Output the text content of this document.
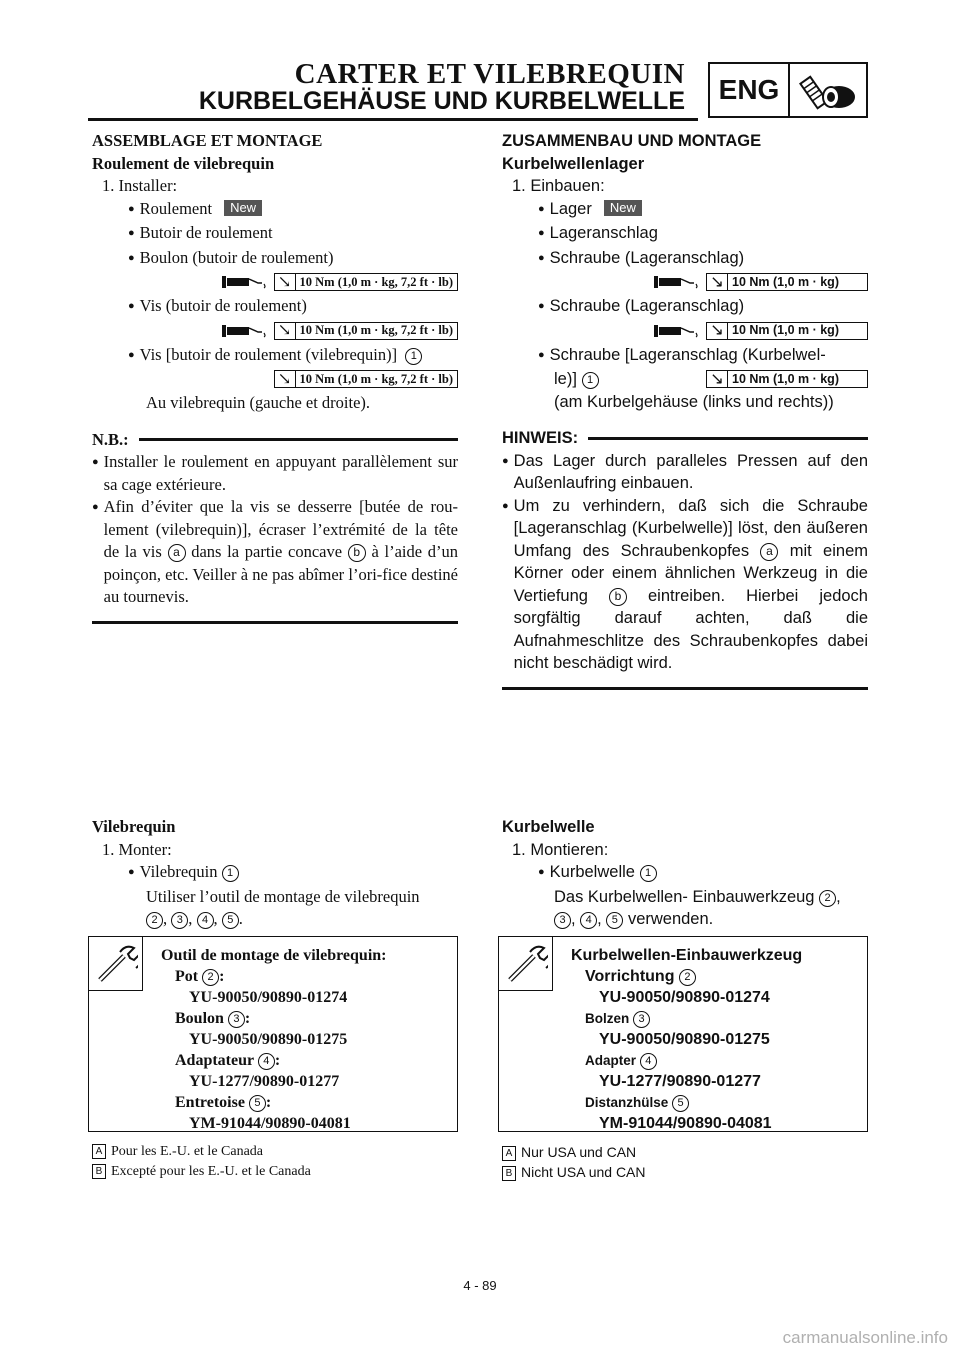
CARTER ET VILEBREQUIN
KURBELGEHÄUSE UND KURBELWELLE	ENG
ASSEMBLAGE ET MONTAGE
Roulement de vilebrequin
1. Installer:
● Roulement New
● Butoir de roulement
● Boulon (butoir de roulement)
↘ 10 Nm (1,0 m · kg, 7,2 ft · lb)
● Vis (butoir de roulement)
↘ 10 Nm (1,0 m · kg, 7,2 ft · lb)
● Vis [butoir de roulement (vilebrequin)] 1
↘ 10 Nm (1,0 m · kg, 7,2 ft · lb)
Au vilebrequin (gauche et droite).
N.B.:
●
Installer le roulement en appuyant parallèlement sur sa cage extérieure.
●
Afin d’éviter que la vis se desserre [butée de rou-lement (vilebrequin)], écraser l’extrémité de la tête de la vis a dans la partie concave b à l’aide d’un poinçon, etc. Veiller à ne pas abîmer l’ori-fice destiné au tournevis.
ZUSAMMENBAU UND MONTAGE
Kurbelwellenlager
1. Einbauen:
● Lager New
● Lageranschlag
● Schraube (Lageranschlag)
↘ 10 Nm (1,0 m · kg)
● Schraube (Lageranschlag)
↘ 10 Nm (1,0 m · kg)
● Schraube [Lageranschlag (Kurbelwel-
le)] 1	↘ 10 Nm (1,0 m · kg)
(am Kurbelgehäuse (links und rechts))
HINWEIS:
●
Das Lager durch paralleles Pressen auf den Außenlaufring einbauen.
●
Um zu verhindern, daß sich die Schraube [Lageranschlag (Kurbelwelle)] löst, den äußeren Umfang des Schraubenkopfes a mit einem Körner oder einem ähnlichen Werkzeug in die Vertiefung b eintreiben. Hierbei jedoch sorgfältig darauf achten, daß die Aufnahmeschlitze des Schraubenkopfes dabei nicht beschädigt wird.
Vilebrequin
1. Monter:
● Vilebrequin 1
Utiliser l’outil de montage de vilebrequin
2 , 3 , 4 , 5 .
Outil de montage de vilebrequin:
Pot 2 :
YU-90050/90890-01274
Boulon 3 :
YU-90050/90890-01275
Adaptateur 4 :
YU-1277/90890-01277
Entretoise 5 :
YM-91044/90890-04081
A Pour les E.-U. et le Canada
B Excepté pour les E.-U. et le Canada
Kurbelwelle
1. Montieren:
● Kurbelwelle 1
Das Kurbelwellen- Einbauwerkzeug 2 ,
3 , 4 , 5 verwenden.
Kurbelwellen-Einbauwerkzeug
Vorrichtung 2
YU-90050/90890-01274
Bolzen 3
YU-90050/90890-01275
Adapter 4
YU-1277/90890-01277
Distanzhülse 5
YM-91044/90890-04081
A Nur USA und CAN
B Nicht USA und CAN
4 - 89
carmanualsonline.info
